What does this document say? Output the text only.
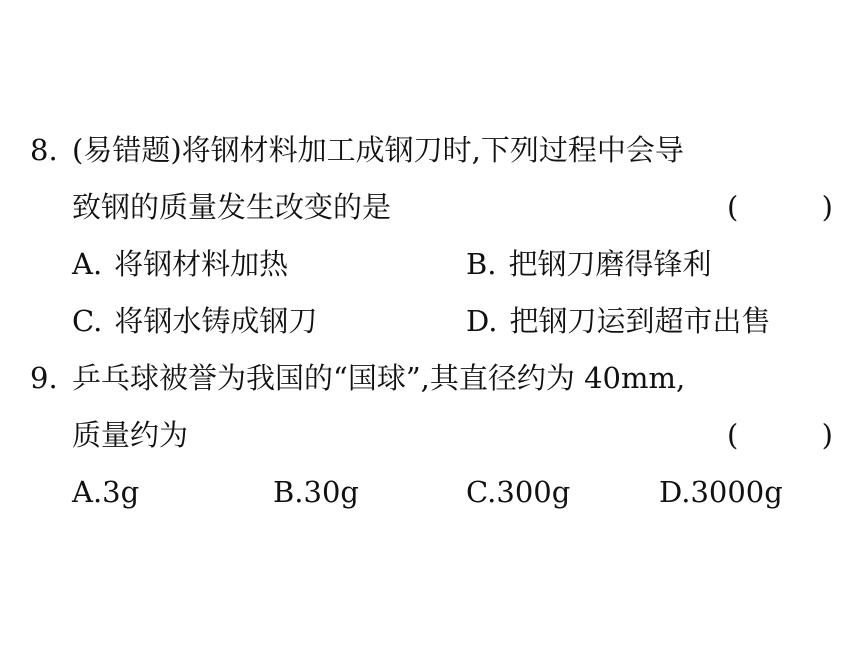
8. (易错题)将钢材料加工成钢刀时,下列过程中会导
致钢的质量发生改变的是	(	)
A. 将钢材料加热	B. 把钢刀磨得锋利
C. 将钢水铸成钢刀	D. 把钢刀运到超市出售
9. 乒乓球被誉为我国的“国球”,其直径约为 40mm,
质量约为	(	)
A.3g	B.30g	C.300g	D.3000g
